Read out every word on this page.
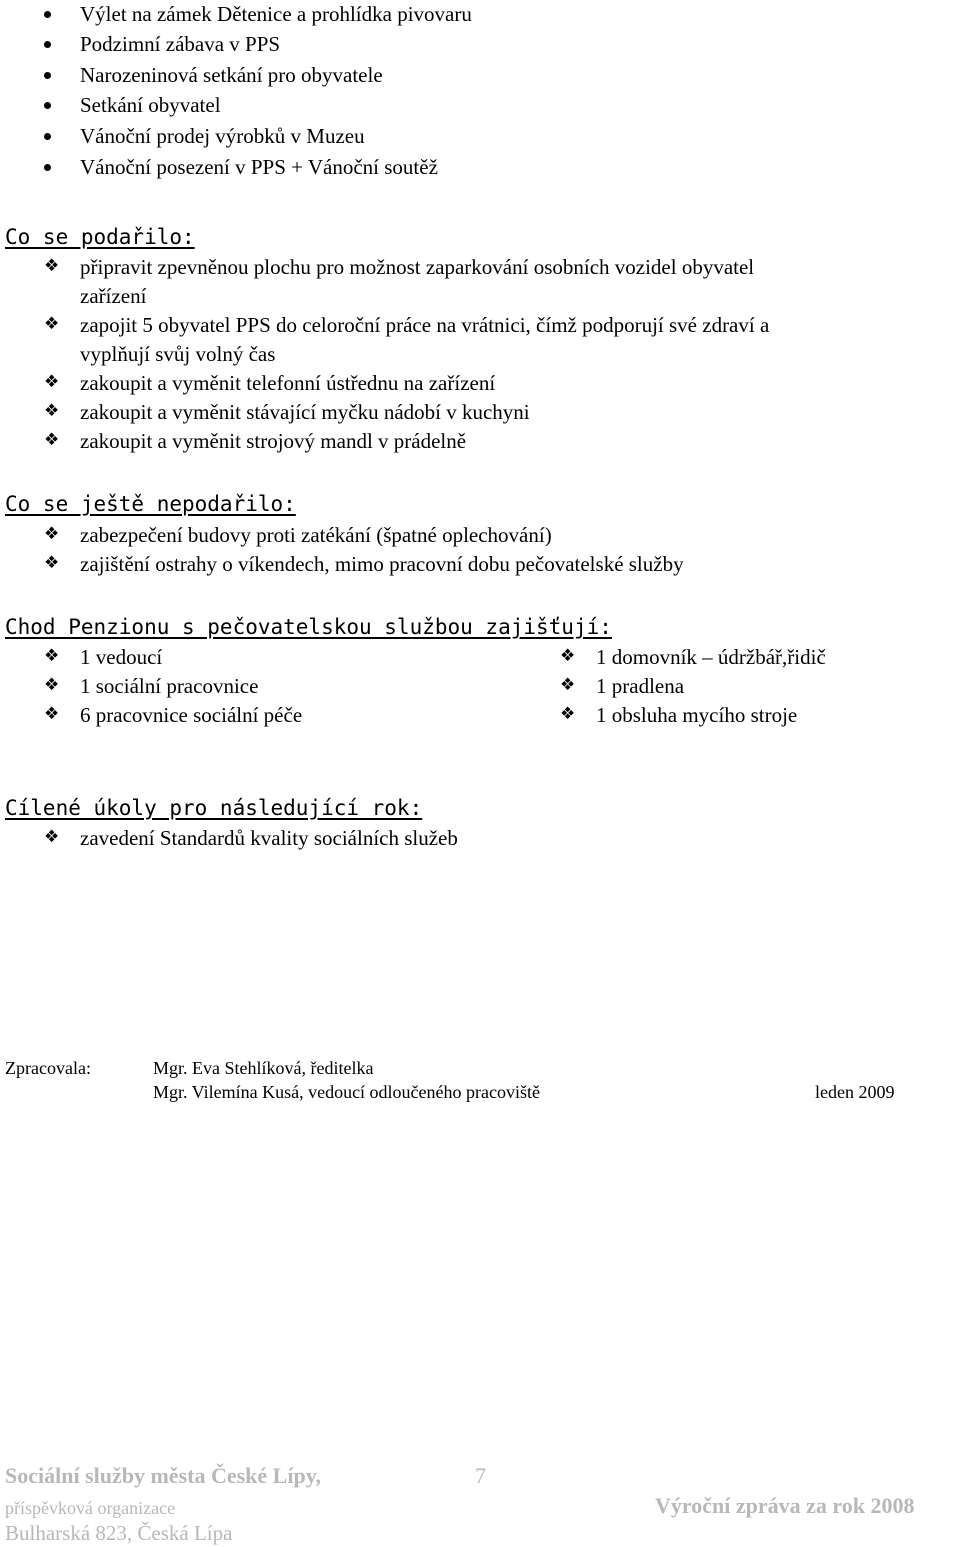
Výlet na zámek Dětenice a prohlídka pivovaru
Podzimní zábava v PPS
Narozeninová setkání pro obyvatele
Setkání obyvatel
Vánoční prodej výrobků v Muzeu
Vánoční posezení v PPS + Vánoční soutěž
Co se podařilo:
❖ připravit zpevněnou plochu pro možnost zaparkování osobních vozidel obyvatel
zařízení
❖ zapojit 5 obyvatel PPS do celoroční práce na vrátnici, čímž podporují své zdraví a
vyplňují svůj volný čas
❖ zakoupit a vyměnit telefonní ústřednu na zařízení
❖ zakoupit a vyměnit stávající myčku nádobí v kuchyni
❖ zakoupit a vyměnit strojový mandl v prádelně
Co se ještě nepodařilo:
❖ zabezpečení budovy proti zatékání (špatné oplechování)
❖ zajištění ostrahy o víkendech, mimo pracovní dobu pečovatelské služby
Chod Penzionu s pečovatelskou službou zajišťují:
❖ 1 vedoucí
❖ 1 sociální pracovnice
❖ 6 pracovnice sociální péče
❖ 1 domovník – údržbář,řidič
❖ 1 pradlena
❖ 1 obsluha mycího stroje
Cílené úkoly pro následující rok:
❖ zavedení Standardů kvality sociálních služeb
Zpracovala:	Mgr. Eva Stehlíková, ředitelka
Mgr. Vilemína Kusá, vedoucí odloučeného pracoviště	leden 2009
Sociální služby města České Lípy,	7
příspěvková organizace	Výroční zpráva za rok 2008
Bulharská 823, Česká Lípa
